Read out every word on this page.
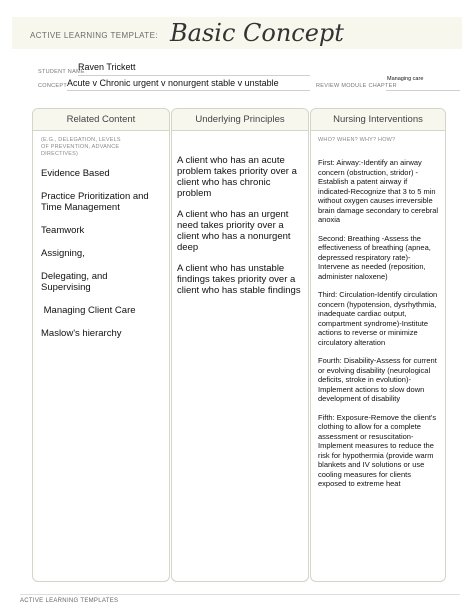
ACTIVE LEARNING TEMPLATE: Basic Concept
STUDENT NAME
Raven Trickett
CONCEPT Acute v Chronic urgent v nonurgent stable v unstable	REVIEW MODULE CHAPTER
Managing care
Related Content
(E.G., DELEGATION, LEVELS OF PREVENTION, ADVANCE DIRECTIVES)
Evidence Based
Practice Prioritization and Time Management
Teamwork
Assigning,
Delegating, and Supervising
Managing Client Care
Maslow's hierarchy
Underlying Principles
A client who has an acute problem takes priority over a client who has chronic problem
A client who has an urgent need takes priority over a client who has a nonurgent deep
A client who has unstable findings takes priority over a client who has stable findings
Nursing Interventions
WHO? WHEN? WHY? HOW?
First: Airway:-Identify an airway concern (obstruction, stridor) -Establish a patent airway if indicated-Recognize that 3 to 5 min without oxygen causes irreversible brain damage secondary to cerebral anoxia
Second: Breathing -Assess the effectiveness of breathing (apnea, depressed respiratory rate)-Intervene as needed (reposition, administer naloxene)
Third: Circulation-Identify circulation concern (hypotension, dysrhythmia, inadequate cardiac output, compartment syndrome)-Institute actions to reverse or minimize circulatory alteration
Fourth: Disability-Assess for current or evolving disability (neurological deficits, stroke in evolution)-Implement actions to slow down development of disability
Fifth: Exposure-Remove the client's clothing to allow for a complete assessment or resuscitation-Implement measures to reduce the risk for hypothermia (provide warm blankets and IV solutions or use cooling measures for clients exposed to extreme heat
ACTIVE LEARNING TEMPLATES
